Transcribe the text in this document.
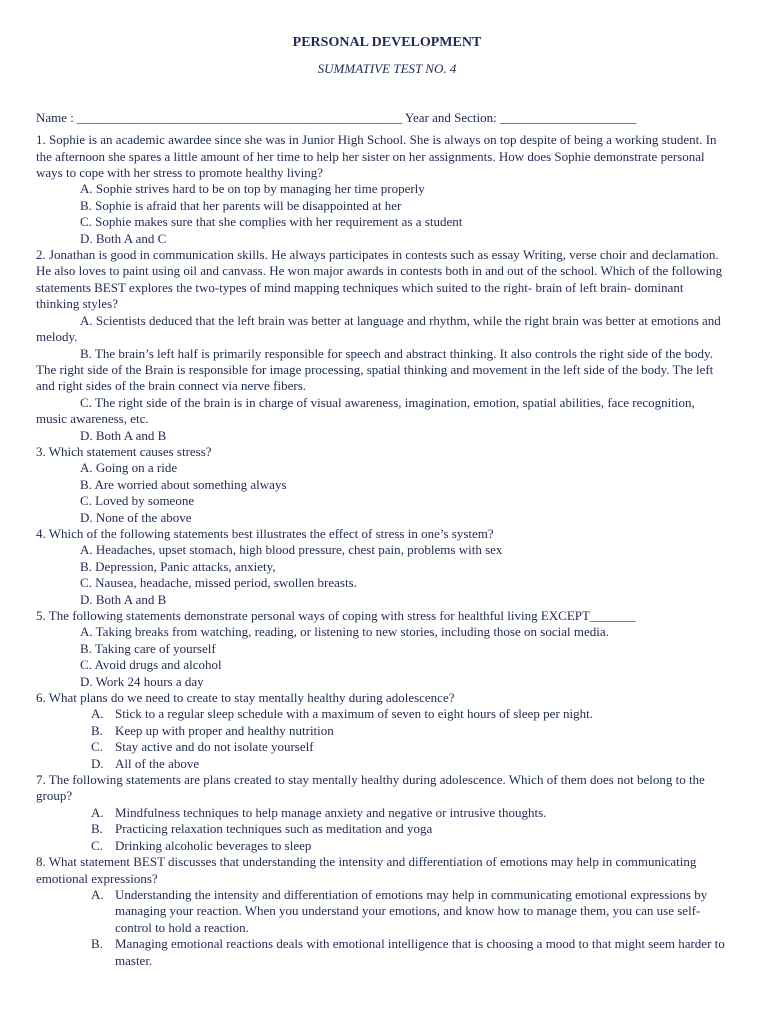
PERSONAL DEVELOPMENT

SUMMATIVE TEST NO. 4

Name : __________________________________________________ Year and Section: _____________________

1. Sophie is an academic awardee since she was in Junior High School. She is always on top despite of being a working student. In the afternoon she spares a little amount of her time to help her sister on her assignments. How does Sophie demonstrate personal ways to cope with her stress to promote healthy living?

A. Sophie strives hard to be on top by managing her time properly

B. Sophie is afraid that her parents will be disappointed at her

C. Sophie makes sure that she complies with her requirement as a student

D. Both A and C

2. Jonathan is good in communication skills. He always participates in contests such as essay Writing, verse choir and declamation. He also loves to paint using oil and canvass. He won major awards in contests both in and out of the school. Which of the following statements BEST explores the two-types of mind mapping techniques which suited to the right- brain of left brain- dominant thinking styles?

A. Scientists deduced that the left brain was better at language and rhythm, while the right brain was better at emotions and melody.

B. The brain’s left half is primarily responsible for speech and abstract thinking. It also controls the right side of the body. The right side of the Brain is responsible for image processing, spatial thinking and movement in the left side of the body. The left and right sides of the brain connect via nerve fibers.

C. The right side of the brain is in charge of visual awareness, imagination, emotion, spatial abilities, face recognition, music awareness, etc.

D. Both A and B

3. Which statement causes stress?

A. Going on a ride

B. Are worried about something always

C. Loved by someone

D. None of the above

4. Which of the following statements best illustrates the effect of stress in one’s system?

A. Headaches, upset stomach, high blood pressure, chest pain, problems with sex

B. Depression, Panic attacks, anxiety,

C. Nausea, headache, missed period, swollen breasts.

D. Both A and B

5. The following statements demonstrate personal ways of coping with stress for healthful living EXCEPT_______

A. Taking breaks from watching, reading, or listening to new stories, including those on social media.

B. Taking care of yourself

C. Avoid drugs and alcohol

D. Work 24 hours a day

6. What plans do we need to create to stay mentally healthy during adolescence?

A. Stick to a regular sleep schedule with a maximum of seven to eight hours of sleep per night.
B. Keep up with proper and healthy nutrition
C. Stay active and do not isolate yourself
D. All of the above

7. The following statements are plans created to stay mentally healthy during adolescence. Which of them does not belong to the group?

A. Mindfulness techniques to help manage anxiety and negative or intrusive thoughts.
B. Practicing relaxation techniques such as meditation and yoga
C. Drinking alcoholic beverages to sleep

8. What statement BEST discusses that understanding the intensity and differentiation of emotions may help in communicating emotional expressions?

A. Understanding the intensity and differentiation of emotions may help in communicating emotional expressions by managing your reaction. When you understand your emotions, and know how to manage them, you can use self- control to hold a reaction.
B. Managing emotional reactions deals with emotional intelligence that is choosing a mood to that might seem harder to master.
